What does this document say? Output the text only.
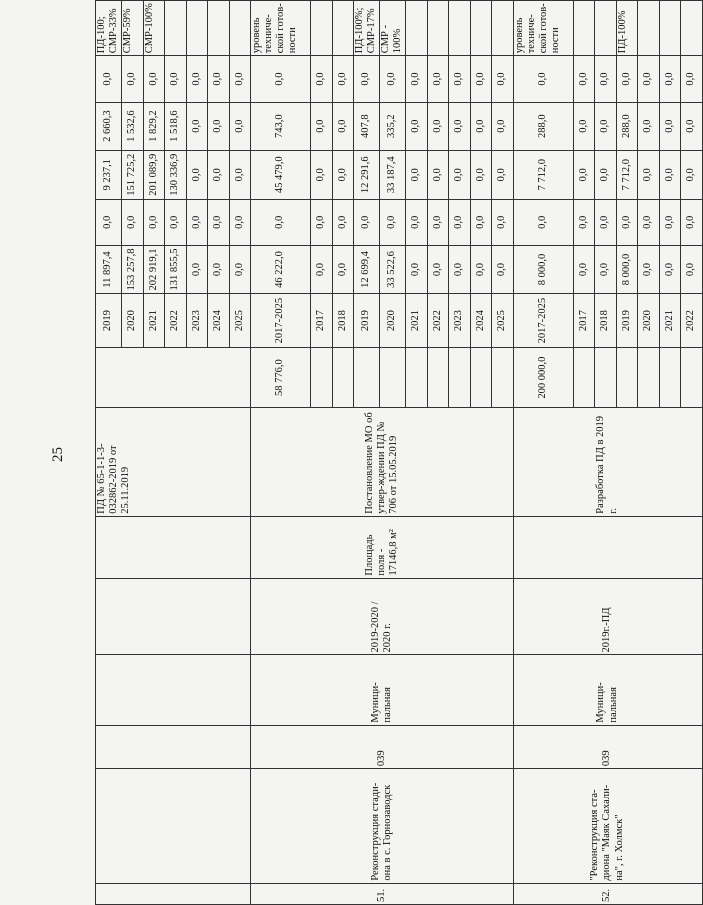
25
							ПД № 65-1-1-3-032862-2019 от 25.11.2019		2019	11 897,4	0,0	9 237,1	2 660,3	0,0	ПД-100; СМР-33%
								2020	153 257,8	0,0	151 725,2	1 532,6	0,0	СМР-59%
								2021	202 919,1	0,0	201 089,9	1 829,2	0,0	СМР-100%
								2022	131 855,5	0,0	130 336,9	1 518,6	0,0	
								2023	0,0	0,0	0,0	0,0	0,0	
								2024	0,0	0,0	0,0	0,0	0,0	
								2025	0,0	0,0	0,0	0,0	0,0	
51.	Реконструкция стади-она в с. Горнозаводск	039	Муници-пальная	2019-2020 / 2020 г.	Площадь поля - 17146,8 м²	Постановление МО об утвер-ждении ПД № 706 от 15.05.2019	58 776,0	2017-2025	46 222,0	0,0	45 479,0	743,0	0,0	уровень техниче-ской готов-ности
								2017	0,0	0,0	0,0	0,0	0,0	
								2018	0,0	0,0	0,0	0,0	0,0	
								2019	12 699,4	0,0	12 291,6	407,8	0,0	ПД-100%; СМР-17%
								2020	33 522,6	0,0	33 187,4	335,2	0,0	СМР - 100%
								2021	0,0	0,0	0,0	0,0	0,0	
								2022	0,0	0,0	0,0	0,0	0,0	
								2023	0,0	0,0	0,0	0,0	0,0	
								2024	0,0	0,0	0,0	0,0	0,0	
								2025	0,0	0,0	0,0	0,0	0,0	
52.	"Реконструкция ста-диона "Маяк Сахали-на", г. Холмск"	039	Муници-пальная	2019г.-ПД		Разработка ПД в 2019 г.	200 000,0	2017-2025	8 000,0	0,0	7 712,0	288,0	0,0	уровень техниче-ской готов-ности
								2017	0,0	0,0	0,0	0,0	0,0	
								2018	0,0	0,0	0,0	0,0	0,0	
								2019	8 000,0	0,0	7 712,0	288,0	0,0	ПД-100%
								2020	0,0	0,0	0,0	0,0	0,0	
								2021	0,0	0,0	0,0	0,0	0,0	
								2022	0,0	0,0	0,0	0,0	0,0	
